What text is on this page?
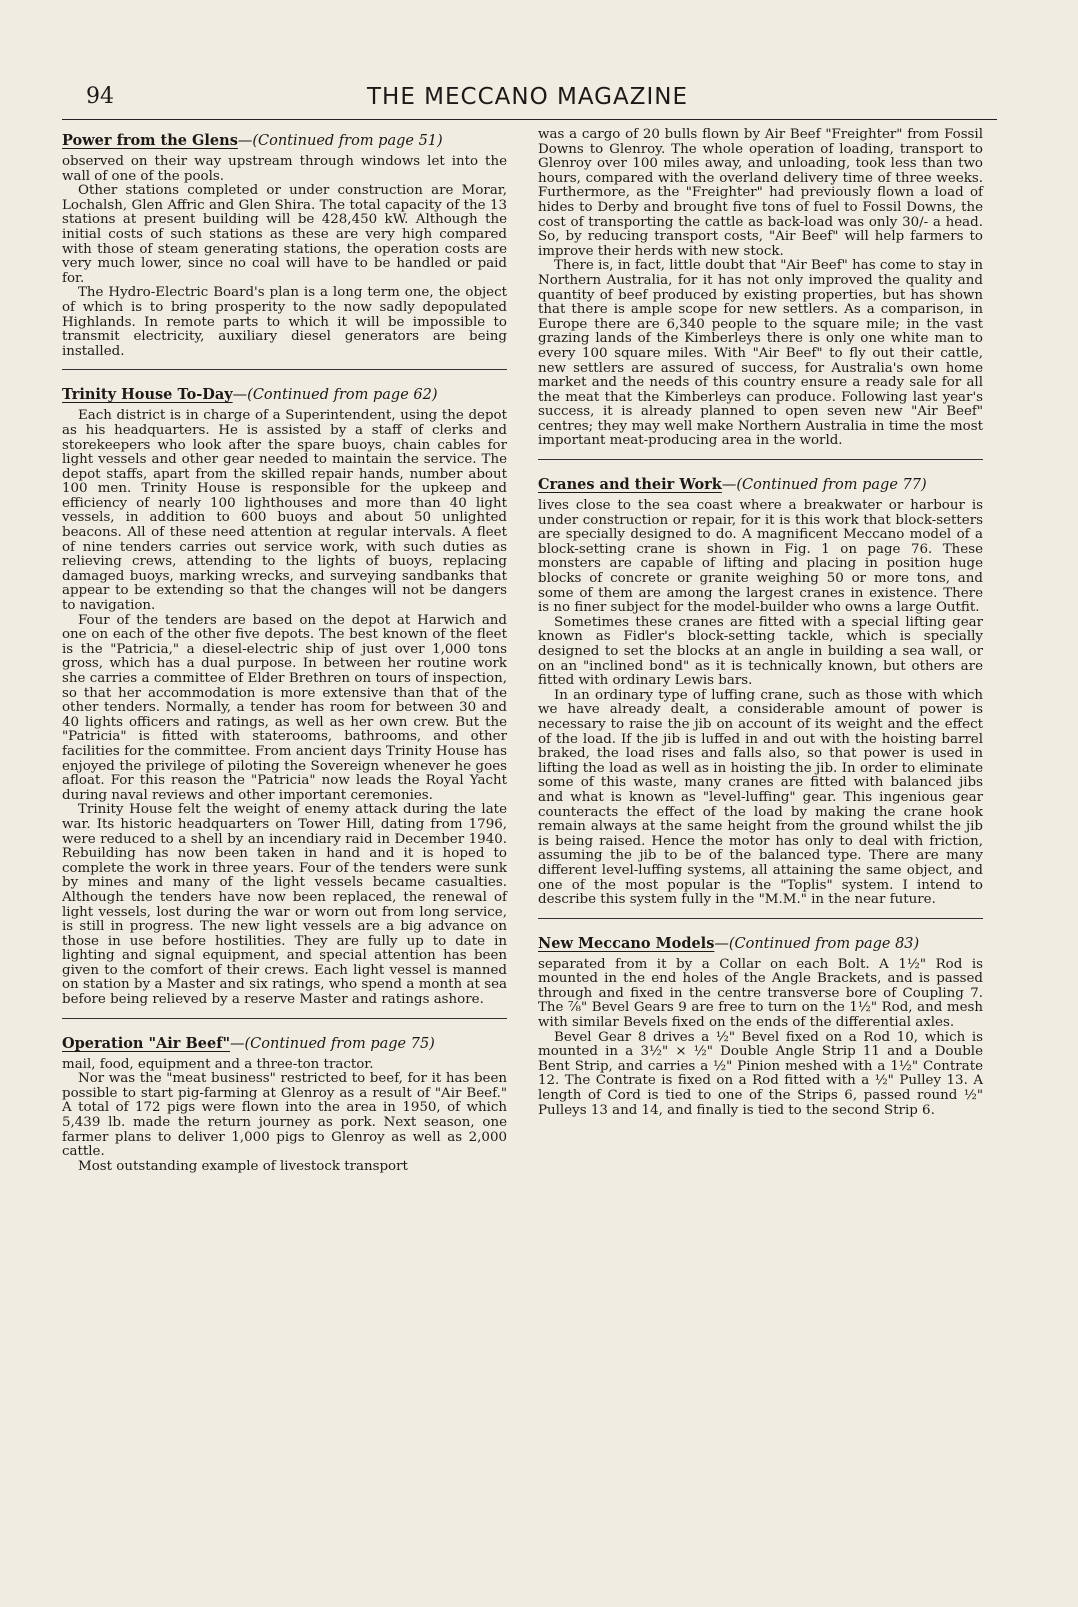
94	THE MECCANO MAGAZINE
Power from the Glens—(Continued from page 51)

observed on their way upstream through windows let into the wall of one of the pools.

Other stations completed or under construction are Morar, Lochalsh, Glen Affric and Glen Shira. The total capacity of the 13 stations at present building will be 428,450 kW. Although the initial costs of such stations as these are very high compared with those of steam generating stations, the operation costs are very much lower, since no coal will have to be handled or paid for.

The Hydro-Electric Board's plan is a long term one, the object of which is to bring prosperity to the now sadly depopulated Highlands. In remote parts to which it will be impossible to transmit electricity, auxiliary diesel generators are being installed.

Trinity House To-Day—(Continued from page 62)

Each district is in charge of a Superintendent, using the depot as his headquarters. He is assisted by a staff of clerks and storekeepers who look after the spare buoys, chain cables for light vessels and other gear needed to maintain the service. The depot staffs, apart from the skilled repair hands, number about 100 men. Trinity House is responsible for the upkeep and efficiency of nearly 100 lighthouses and more than 40 light vessels, in addition to 600 buoys and about 50 unlighted beacons. All of these need attention at regular intervals. A fleet of nine tenders carries out service work, with such duties as relieving crews, attending to the lights of buoys, replacing damaged buoys, marking wrecks, and surveying sandbanks that appear to be extending so that the changes will not be dangers to navigation.

Four of the tenders are based on the depot at Harwich and one on each of the other five depots. The best known of the fleet is the "Patricia," a diesel-electric ship of just over 1,000 tons gross, which has a dual purpose. In between her routine work she carries a committee of Elder Brethren on tours of inspection, so that her accommodation is more extensive than that of the other tenders. Normally, a tender has room for between 30 and 40 lights officers and ratings, as well as her own crew. But the "Patricia" is fitted with staterooms, bathrooms, and other facilities for the committee. From ancient days Trinity House has enjoyed the privilege of piloting the Sovereign whenever he goes afloat. For this reason the "Patricia" now leads the Royal Yacht during naval reviews and other important ceremonies.

Trinity House felt the weight of enemy attack during the late war. Its historic headquarters on Tower Hill, dating from 1796, were reduced to a shell by an incendiary raid in December 1940. Rebuilding has now been taken in hand and it is hoped to complete the work in three years. Four of the tenders were sunk by mines and many of the light vessels became casualties. Although the tenders have now been replaced, the renewal of light vessels, lost during the war or worn out from long service, is still in progress. The new light vessels are a big advance on those in use before hostilities. They are fully up to date in lighting and signal equipment, and special attention has been given to the comfort of their crews. Each light vessel is manned on station by a Master and six ratings, who spend a month at sea before being relieved by a reserve Master and ratings ashore.

Operation "Air Beef"—(Continued from page 75)

mail, food, equipment and a three-ton tractor.

Nor was the "meat business" restricted to beef, for it has been possible to start pig-farming at Glenroy as a result of "Air Beef." A total of 172 pigs were flown into the area in 1950, of which 5,439 lb. made the return journey as pork. Next season, one farmer plans to deliver 1,000 pigs to Glenroy as well as 2,000 cattle.

Most outstanding example of livestock transport

was a cargo of 20 bulls flown by Air Beef "Freighter" from Fossil Downs to Glenroy. The whole operation of loading, transport to Glenroy over 100 miles away, and unloading, took less than two hours, compared with the overland delivery time of three weeks. Furthermore, as the "Freighter" had previously flown a load of hides to Derby and brought five tons of fuel to Fossil Downs, the cost of transporting the cattle as back-load was only 30/- a head. So, by reducing transport costs, "Air Beef" will help farmers to improve their herds with new stock.

There is, in fact, little doubt that "Air Beef" has come to stay in Northern Australia, for it has not only improved the quality and quantity of beef produced by existing properties, but has shown that there is ample scope for new settlers. As a comparison, in Europe there are 6,340 people to the square mile; in the vast grazing lands of the Kimberleys there is only one white man to every 100 square miles. With "Air Beef" to fly out their cattle, new settlers are assured of success, for Australia's own home market and the needs of this country ensure a ready sale for all the meat that the Kimberleys can produce. Following last year's success, it is already planned to open seven new "Air Beef" centres; they may well make Northern Australia in time the most important meat-producing area in the world.

Cranes and their Work—(Continued from page 77)

lives close to the sea coast where a breakwater or harbour is under construction or repair, for it is this work that block-setters are specially designed to do. A magnificent Meccano model of a block-setting crane is shown in Fig. 1 on page 76. These monsters are capable of lifting and placing in position huge blocks of concrete or granite weighing 50 or more tons, and some of them are among the largest cranes in existence. There is no finer subject for the model-builder who owns a large Outfit.

Sometimes these cranes are fitted with a special lifting gear known as Fidler's block-setting tackle, which is specially designed to set the blocks at an angle in building a sea wall, or on an "inclined bond" as it is technically known, but others are fitted with ordinary Lewis bars.

In an ordinary type of luffing crane, such as those with which we have already dealt, a considerable amount of power is necessary to raise the jib on account of its weight and the effect of the load. If the jib is luffed in and out with the hoisting barrel braked, the load rises and falls also, so that power is used in lifting the load as well as in hoisting the jib. In order to eliminate some of this waste, many cranes are fitted with balanced jibs and what is known as "level-luffing" gear. This ingenious gear counteracts the effect of the load by making the crane hook remain always at the same height from the ground whilst the jib is being raised. Hence the motor has only to deal with friction, assuming the jib to be of the balanced type. There are many different level-luffing systems, all attaining the same object, and one of the most popular is the "Toplis" system. I intend to describe this system fully in the "M.M." in the near future.

New Meccano Models—(Continued from page 83)

separated from it by a Collar on each Bolt. A 1½" Rod is mounted in the end holes of the Angle Brackets, and is passed through and fixed in the centre transverse bore of Coupling 7. The ⅞" Bevel Gears 9 are free to turn on the 1½" Rod, and mesh with similar Bevels fixed on the ends of the differential axles.

Bevel Gear 8 drives a ½" Bevel fixed on a Rod 10, which is mounted in a 3½" × ½" Double Angle Strip 11 and a Double Bent Strip, and carries a ½" Pinion meshed with a 1½" Contrate 12. The Contrate is fixed on a Rod fitted with a ½" Pulley 13. A length of Cord is tied to one of the Strips 6, passed round ½" Pulleys 13 and 14, and finally is tied to the second Strip 6.
